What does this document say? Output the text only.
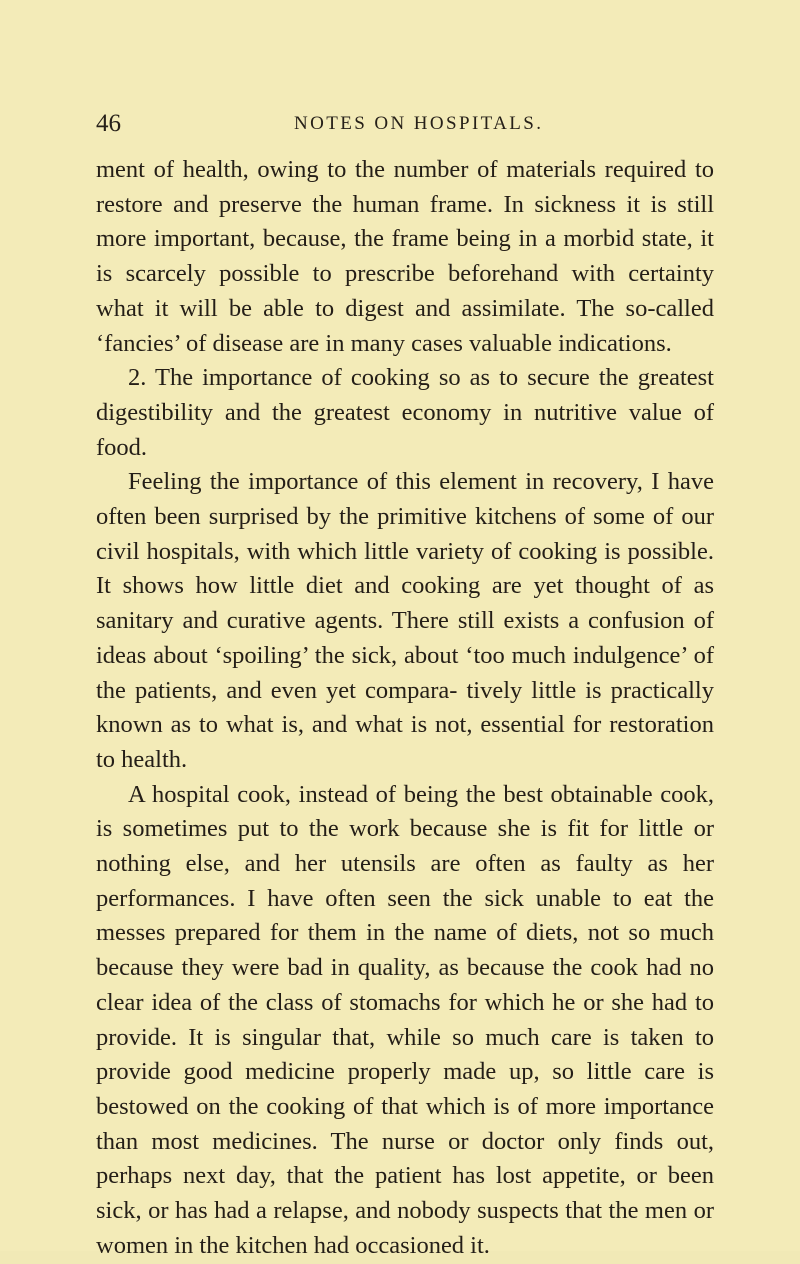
46	NOTES ON HOSPITALS.

ment of health, owing to the number of materials required to restore and preserve the human frame. In sickness it is still more important, because, the frame being in a morbid state, it is scarcely possible to prescribe beforehand with certainty what it will be able to digest and assimilate. The so-called ‘fancies’ of disease are in many cases valuable indications.

2. The importance of cooking so as to secure the greatest digestibility and the greatest economy in nutritive value of food.

Feeling the importance of this element in recovery, I have often been surprised by the primitive kitchens of some of our civil hospitals, with which little variety of cooking is possible. It shows how little diet and cooking are yet thought of as sanitary and curative agents. There still exists a confusion of ideas about ‘spoiling’ the sick, about ‘too much indulgence’ of the patients, and even yet compara- tively little is practically known as to what is, and what is not, essential for restoration to health.

A hospital cook, instead of being the best obtainable cook, is sometimes put to the work because she is fit for little or nothing else, and her utensils are often as faulty as her performances. I have often seen the sick unable to eat the messes prepared for them in the name of diets, not so much because they were bad in quality, as because the cook had no clear idea of the class of stomachs for which he or she had to provide. It is singular that, while so much care is taken to provide good medicine properly made up, so little care is bestowed on the cooking of that which is of more importance than most medicines. The nurse or doctor only finds out, perhaps next day, that the patient has lost appetite, or been sick, or has had a relapse, and nobody suspects that the men or women in the kitchen had occasioned it.
